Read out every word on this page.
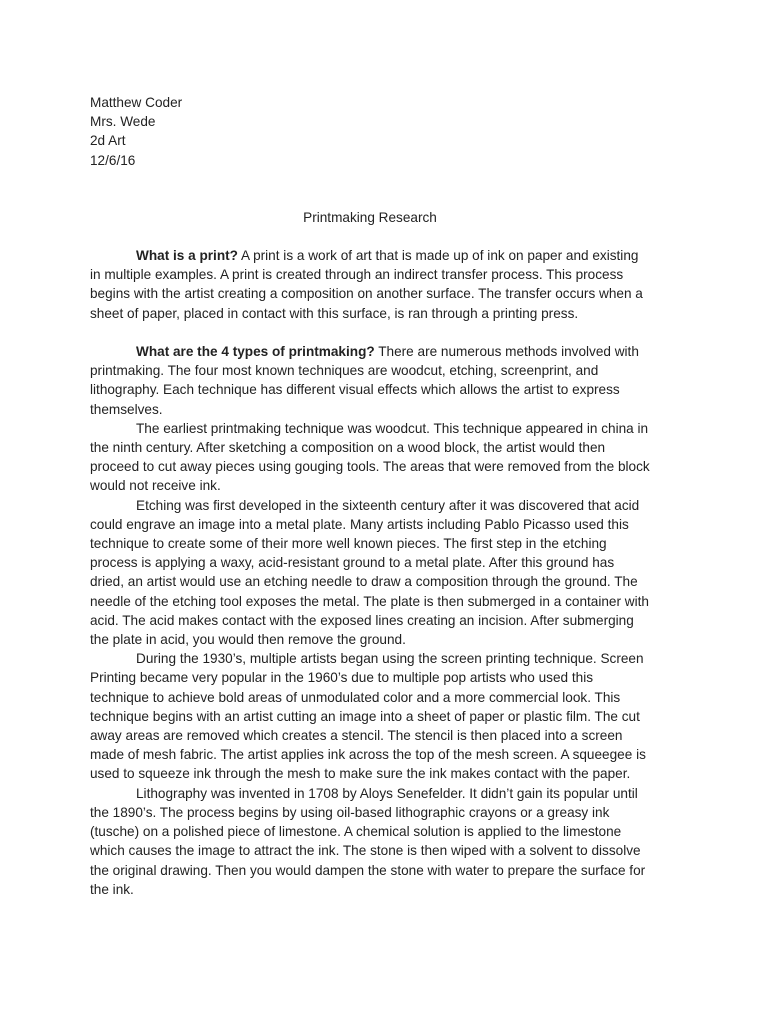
Matthew Coder
Mrs. Wede
2d Art
12/6/16
Printmaking Research

What is a print? A print is a work of art that is made up of ink on paper and existing in multiple examples. A print is created through an indirect transfer process. This process begins with the artist creating a composition on another surface. The transfer occurs when a sheet of paper, placed in contact with this surface, is ran through a printing press.

What are the 4 types of printmaking? There are numerous methods involved with printmaking. The four most known techniques are woodcut, etching, screenprint, and lithography. Each technique has different visual effects which allows the artist to express themselves.

The earliest printmaking technique was woodcut. This technique appeared in china in the ninth century. After sketching a composition on a wood block, the artist would then proceed to cut away pieces using gouging tools. The areas that were removed from the block would not receive ink.

Etching was first developed in the sixteenth century after it was discovered that acid could engrave an image into a metal plate. Many artists including Pablo Picasso used this technique to create some of their more well known pieces. The first step in the etching process is applying a waxy, acid-resistant ground to a metal plate. After this ground has dried, an artist would use an etching needle to draw a composition through the ground. The needle of the etching tool exposes the metal. The plate is then submerged in a container with acid. The acid makes contact with the exposed lines creating an incision. After submerging the plate in acid, you would then remove the ground.

During the 1930’s, multiple artists began using the screen printing technique. Screen Printing became very popular in the 1960’s due to multiple pop artists who used this technique to achieve bold areas of unmodulated color and a more commercial look. This technique begins with an artist cutting an image into a sheet of paper or plastic film. The cut away areas are removed which creates a stencil. The stencil is then placed into a screen made of mesh fabric. The artist applies ink across the top of the mesh screen. A squeegee is used to squeeze ink through the mesh to make sure the ink makes contact with the paper.

Lithography was invented in 1708 by Aloys Senefelder. It didn’t gain its popular until the 1890’s. The process begins by using oil-based lithographic crayons or a greasy ink (tusche) on a polished piece of limestone. A chemical solution is applied to the limestone which causes the image to attract the ink. The stone is then wiped with a solvent to dissolve the original drawing. Then you would dampen the stone with water to prepare the surface for the ink.
